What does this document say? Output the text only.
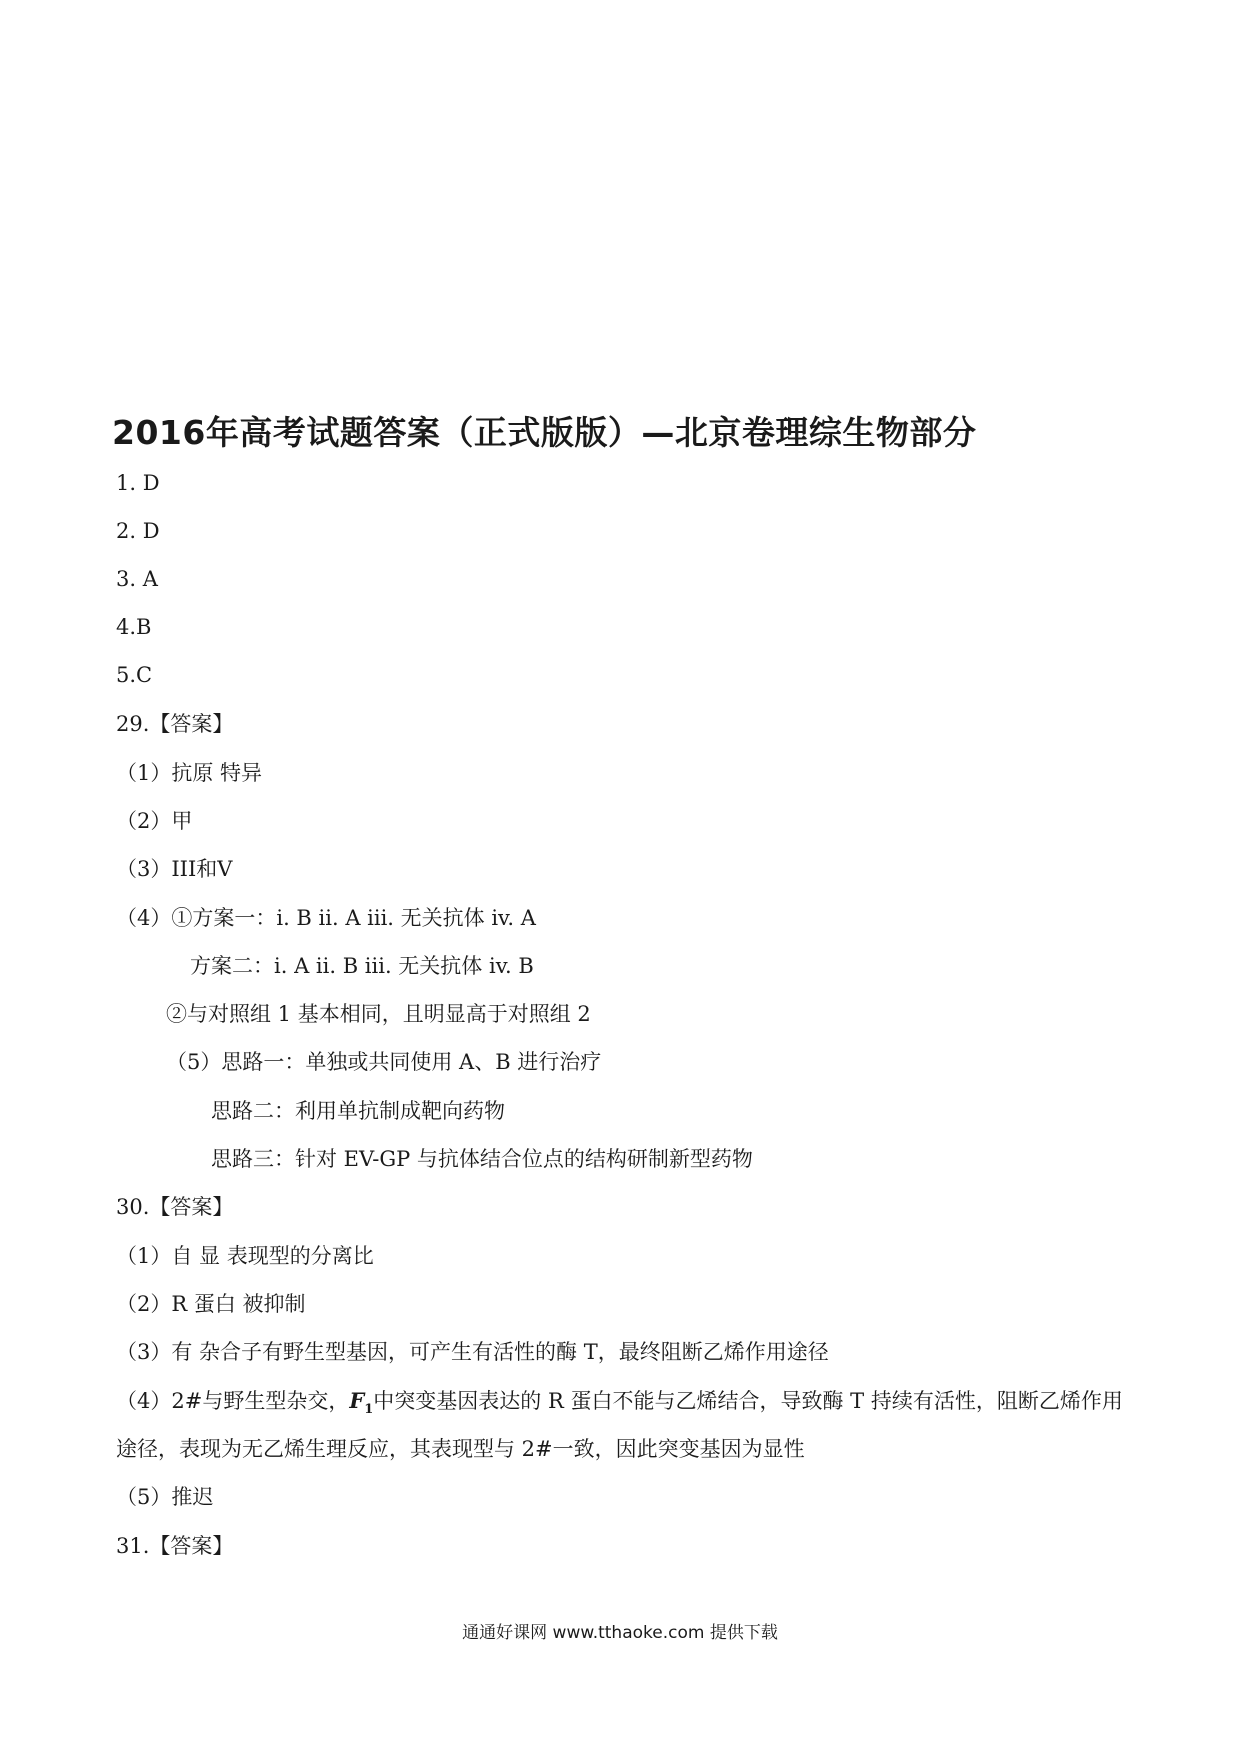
2016年高考试题答案（正式版版）—北京卷理综生物部分
1. D
2. D
3. A
4.B
5.C
29.【答案】
（1）抗原 特异
（2）甲
（3）III和Ⅴ
（4）①方案一：i. B ii. A iii. 无关抗体 iv. A
方案二：i. A ii. B iii. 无关抗体 iv. B
②与对照组 1 基本相同，且明显高于对照组 2
（5）思路一：单独或共同使用 A、B 进行治疗
思路二：利用单抗制成靶向药物
思路三：针对 EV-GP 与抗体结合位点的结构研制新型药物
30.【答案】
（1）自 显 表现型的分离比
（2）R 蛋白 被抑制
（3）有 杂合子有野生型基因，可产生有活性的酶 T，最终阻断乙烯作用途径
（4）2#与野生型杂交，$F_1$中突变基因表达的 R 蛋白不能与乙烯结合，导致酶 T 持续有活性，阻断乙烯作用
途径，表现为无乙烯生理反应，其表现型与 2#一致，因此突变基因为显性
（5）推迟
31.【答案】
通通好课网 www.tthaoke.com 提供下载
